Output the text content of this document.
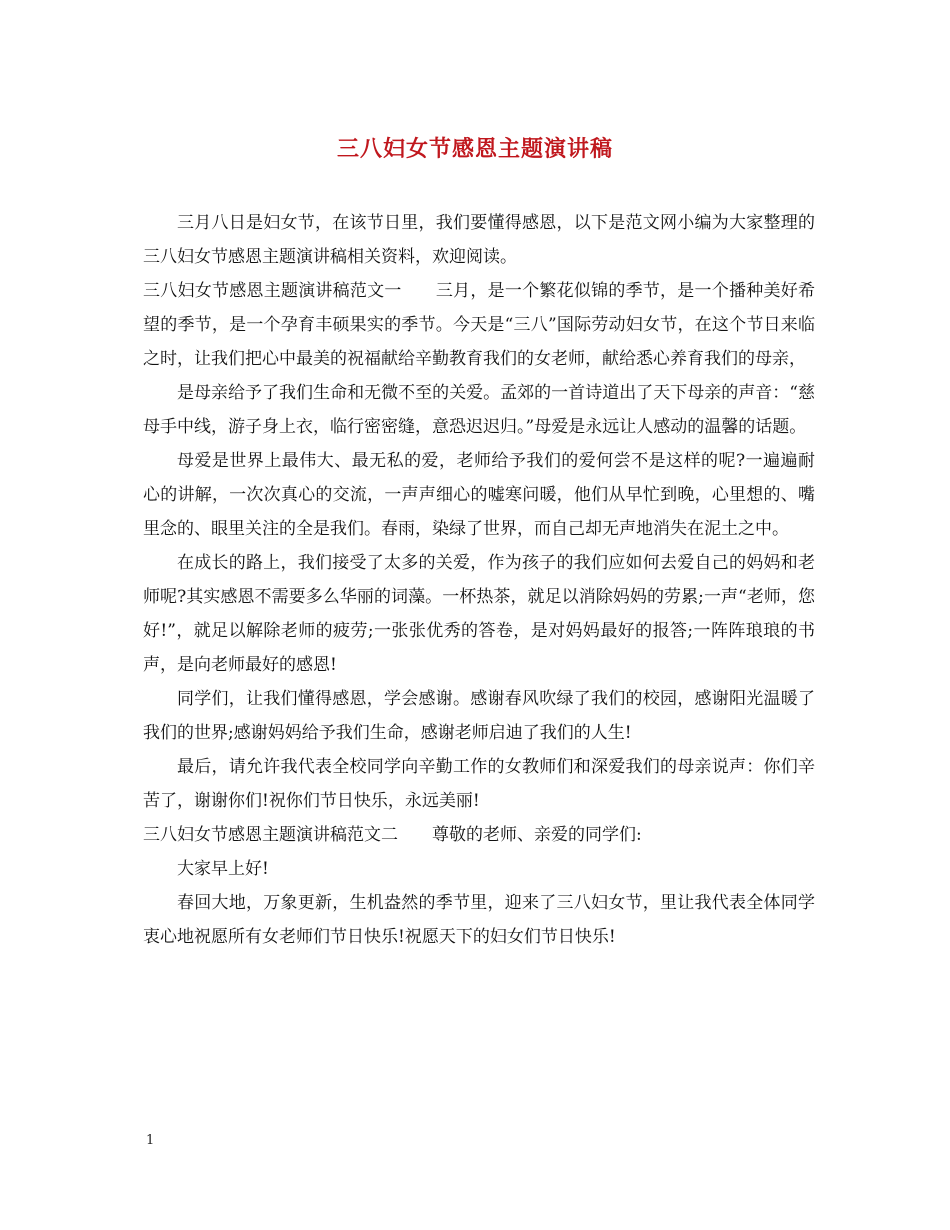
三八妇女节感恩主题演讲稿

三月八日是妇女节，在该节日里，我们要懂得感恩，以下是范文网小编为大家整理的三八妇女节感恩主题演讲稿相关资料，欢迎阅读。

三八妇女节感恩主题演讲稿范文一 三月，是一个繁花似锦的季节，是一个播种美好希望的季节，是一个孕育丰硕果实的季节。今天是“三八”国际劳动妇女节，在这个节日来临之时，让我们把心中最美的祝福献给辛勤教育我们的女老师，献给悉心养育我们的母亲，

是母亲给予了我们生命和无微不至的关爱。孟郊的一首诗道出了天下母亲的声音：“慈母手中线，游子身上衣，临行密密缝，意恐迟迟归。”母爱是永远让人感动的温馨的话题。

母爱是世界上最伟大、最无私的爱，老师给予我们的爱何尝不是这样的呢?一遍遍耐心的讲解，一次次真心的交流，一声声细心的嘘寒问暖，他们从早忙到晚，心里想的、嘴里念的、眼里关注的全是我们。春雨，染绿了世界，而自己却无声地消失在泥土之中。

在成长的路上，我们接受了太多的关爱，作为孩子的我们应如何去爱自己的妈妈和老师呢?其实感恩不需要多么华丽的词藻。一杯热茶，就足以消除妈妈的劳累;一声“老师，您好!”，就足以解除老师的疲劳;一张张优秀的答卷，是对妈妈最好的报答;一阵阵琅琅的书声，是向老师最好的感恩!

同学们，让我们懂得感恩，学会感谢。感谢春风吹绿了我们的校园，感谢阳光温暖了我们的世界;感谢妈妈给予我们生命，感谢老师启迪了我们的人生!

最后，请允许我代表全校同学向辛勤工作的女教师们和深爱我们的母亲说声：你们辛苦了，谢谢你们!祝你们节日快乐，永远美丽!

三八妇女节感恩主题演讲稿范文二 尊敬的老师、亲爱的同学们:

大家早上好!

春回大地，万象更新，生机盎然的季节里，迎来了三八妇女节，里让我代表全体同学衷心地祝愿所有女老师们节日快乐!祝愿天下的妇女们节日快乐!

1
